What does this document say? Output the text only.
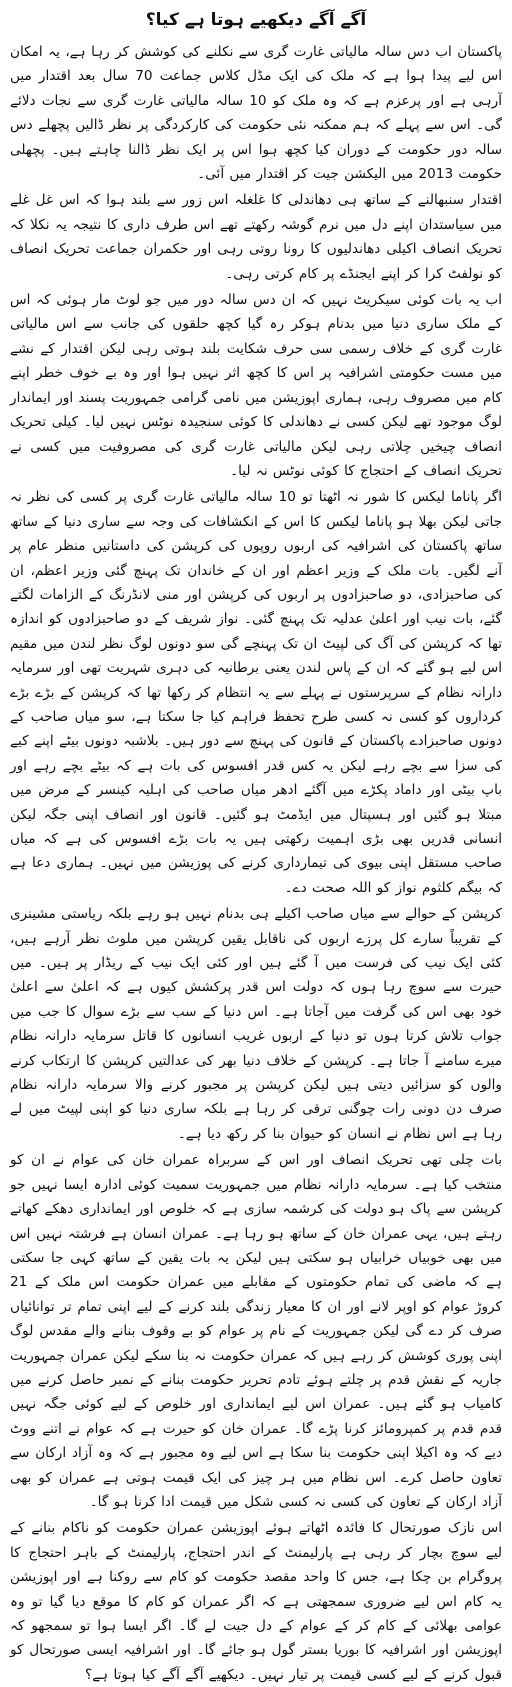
آگے آگے دیکھیے ہوتا ہے کیا؟

پاکستان اب دس سالہ مالیاتی غارت گری سے نکلنے کی کوشش کر رہا ہے، یہ امکان اس لیے پیدا ہوا ہے کہ ملک کی ایک مڈل کلاس جماعت 70 سال بعد اقتدار میں آرہی ہے اور پرعزم ہے کہ وہ ملک کو 10 سالہ مالیاتی غارت گری سے نجات دلائے گی۔ اس سے پہلے کہ ہم ممکنہ نئی حکومت کی کارکردگی پر نظر ڈالیں پچھلے دس سالہ دور حکومت کے دوران کیا کچھ ہوا اس پر ایک نظر ڈالنا چاہتے ہیں۔ پچھلی حکومت 2013 میں الیکشن جیت کر اقتدار میں آئی۔

اقتدار سنبھالنے کے ساتھ ہی دھاندلی کا غلغلہ اس زور سے بلند ہوا کہ اس غل غلے میں سیاستدان اپنے دل میں نرم گوشہ رکھتے تھے اس طرف داری کا نتیجہ یہ نکلا کہ تحریک انصاف اکیلی دھاندلیوں کا رونا روتی رہی اور حکمران جماعت تحریک انصاف کو نولفٹ کرا کر اپنے ایجنڈے پر کام کرتی رہی۔

اب یہ بات کوئی سیکریٹ نہیں کہ ان دس سالہ دور میں جو لوٹ مار ہوئی کہ اس کے ملک ساری دنیا میں بدنام ہوکر رہ گیا کچھ حلقوں کی جانب سے اس مالیاتی غارت گری کے خلاف رسمی سی حرف شکایت بلند ہوتی رہی لیکن اقتدار کے نشے میں مست حکومتی اشرافیہ پر اس کا کچھ اثر نہیں ہوا اور وہ بے خوف خطر اپنے کام میں مصروف رہی، ہماری اپوزیشن میں نامی گرامی جمہوریت پسند اور ایماندار لوگ موجود تھے لیکن کسی نے دھاندلی کا کوئی سنجیدہ نوٹس نہیں لیا۔ کیلی تحریک انصاف چیخیں چلاتی رہی لیکن مالیاتی غارت گری کی مصروفیت میں کسی نے تحریک انصاف کے احتجاج کا کوئی نوٹس نہ لیا۔

اگر پاناما لیکس کا شور نہ اٹھتا تو 10 سالہ مالیاتی غارت گری پر کسی کی نظر نہ جاتی لیکن بھلا ہو پاناما لیکس کا اس کے انکشافات کی وجہ سے ساری دنیا کے ساتھ ساتھ پاکستان کی اشرافیہ کی اربوں روپوں کی کرپشن کی داستانیں منظر عام پر آنے لگیں۔ بات ملک کے وزیر اعظم اور ان کے خاندان تک پہنچ گئی وزیر اعظم، ان کی صاحبزادی، دو صاحبزادوں پر اربوں کی کرپشن اور منی لانڈرنگ کے الزامات لگتے گئے، بات نیب اور اعلیٰ عدلیہ تک پہنچ گئی۔ نواز شریف کے دو صاحبزادوں کو اندازہ تھا کہ کرپشن کی آگ کی لپیٹ ان تک پہنچے گی سو دونوں لوگ نظر لندن میں مقیم اس لیے ہو گئے کہ ان کے پاس لندن یعنی برطانیہ کی دہری شہریت تھی اور سرمایہ دارانہ نظام کے سرپرستوں نے پہلے سے یہ انتظام کر رکھا تھا کہ کرپشن کے بڑے بڑے کرداروں کو کسی نہ کسی طرح تحفظ فراہم کیا جا سکتا ہے، سو میاں صاحب کے دونوں صاحبزادے پاکستان کے قانون کی پہنچ سے دور ہیں۔ بلاشبہ دونوں بیٹے اپنے کیے کی سزا سے بچے رہے لیکن یہ کس قدر افسوس کی بات ہے کہ بیٹے بچے رہے اور باپ بیٹی اور داماد پکڑے میں آگئے ادھر میاں صاحب کی اہلیہ کینسر کے مرض میں مبتلا ہو گئیں اور ہسپتال میں ایڈمٹ ہو گئیں۔ قانون اور انصاف اپنی جگہ لیکن انسانی قدریں بھی بڑی اہمیت رکھتی ہیں یہ بات بڑے افسوس کی ہے کہ میاں صاحب مستقل اپنی بیوی کی تیمارداری کرنے کی پوزیشن میں نہیں۔ ہماری دعا ہے کہ بیگم کلثوم نواز کو اللہ صحت دے۔

کرپشن کے حوالے سے میاں صاحب اکیلے ہی بدنام نہیں ہو رہے بلکہ ریاستی مشینری کے تقریباً سارے کل پرزے اربوں کی ناقابل یقین کرپشن میں ملوث نظر آرہے ہیں، کئی ایک نیب کی فرست میں آ گئے ہیں اور کئی ایک نیب کے ریڈار پر ہیں۔ میں حیرت سے سوچ رہا ہوں کہ دولت اس قدر پرکشش کیوں ہے کہ اعلیٰ سے اعلیٰ خود بھی اس کی گرفت میں آجاتا ہے۔ اس دنیا کے سب سے بڑے سوال کا جب میں جواب تلاش کرتا ہوں تو دنیا کے اربوں غریب انسانوں کا قاتل سرمایہ دارانہ نظام میرے سامنے آ جاتا ہے۔ کرپشن کے خلاف دنیا بھر کی عدالتیں کرپشن کا ارتکاب کرنے والوں کو سزائیں دیتی ہیں لیکن کرپشن پر مجبور کرنے والا سرمایہ دارانہ نظام صرف دن دونی رات چوگنی ترقی کر رہا ہے بلکہ ساری دنیا کو اپنی لپیٹ میں لے رہا ہے اس نظام نے انسان کو حیوان بنا کر رکھ دیا ہے۔

بات چلی تھی تحریک انصاف اور اس کے سربراہ عمران خان کی عوام نے ان کو منتخب کیا ہے۔ سرمایہ دارانہ نظام میں جمہوریت سمیت کوئی ادارہ ایسا نہیں جو کرپشن سے پاک ہو دولت کی کرشمہ سازی ہے کہ خلوص اور ایمانداری دھکے کھاتے رہتے ہیں، یہی عمران خان کے ساتھ ہو رہا ہے۔ عمران انسان ہے فرشتہ نہیں اس میں بھی خوبیاں خرابیاں ہو سکتی ہیں لیکن یہ بات یقین کے ساتھ کہی جا سکتی ہے کہ ماضی کی تمام حکومتوں کے مقابلے میں عمران حکومت اس ملک کے 21 کروڑ عوام کو اوپر لانے اور ان کا معیار زندگی بلند کرنے کے لیے اپنی تمام تر توانائیاں صرف کر دے گی لیکن جمہوریت کے نام پر عوام کو بے وقوف بنانے والے مقدس لوگ اپنی پوری کوشش کر رہے ہیں کہ عمران حکومت نہ بنا سکے لیکن عمران جمہوریت جاریہ کے نقش قدم پر چلتے ہوئے تادم تحریر حکومت بنانے کے نمبر حاصل کرنے میں کامیاب ہو گئے ہیں۔ عمران اس لیے ایمانداری اور خلوص کے لیے کوئی جگہ نہیں قدم قدم پر کمپرومائز کرنا پڑے گا۔ عمران خان کو حیرت ہے کہ عوام نے اتنے ووٹ دیے کہ وہ اکیلا اپنی حکومت بنا سکا ہے اس لیے وہ مجبور ہے کہ وہ آزاد ارکان سے تعاون حاصل کرے۔ اس نظام میں ہر چیز کی ایک قیمت ہوتی ہے عمران کو بھی آزاد ارکان کے تعاون کی کسی نہ کسی شکل میں قیمت ادا کرنا ہو گا۔

اس نازک صورتحال کا فائدہ اٹھاتے ہوئے اپوزیشن عمران حکومت کو ناکام بنانے کے لیے سوچ بچار کر رہی ہے پارلیمنٹ کے اندر احتجاج، پارلیمنٹ کے باہر احتجاج کا پروگرام بن چکا ہے، جس کا واحد مقصد حکومت کو کام سے روکنا ہے اور اپوزیشن یہ کام اس لیے ضروری سمجھتی ہے کہ اگر عمران کو کام کا موقع دیا گیا تو وہ عوامی بھلائی کے کام کر کے عوام کے دل جیت لے گا۔ اگر ایسا ہوا تو سمجھو کہ اپوزیشن اور اشرافیہ کا بوریا بستر گول ہو جائے گا۔ اور اشرافیہ ایسی صورتحال کو قبول کرنے کے لیے کسی قیمت پر تیار نہیں۔ دیکھیے آگے آگے کیا ہوتا ہے؟
